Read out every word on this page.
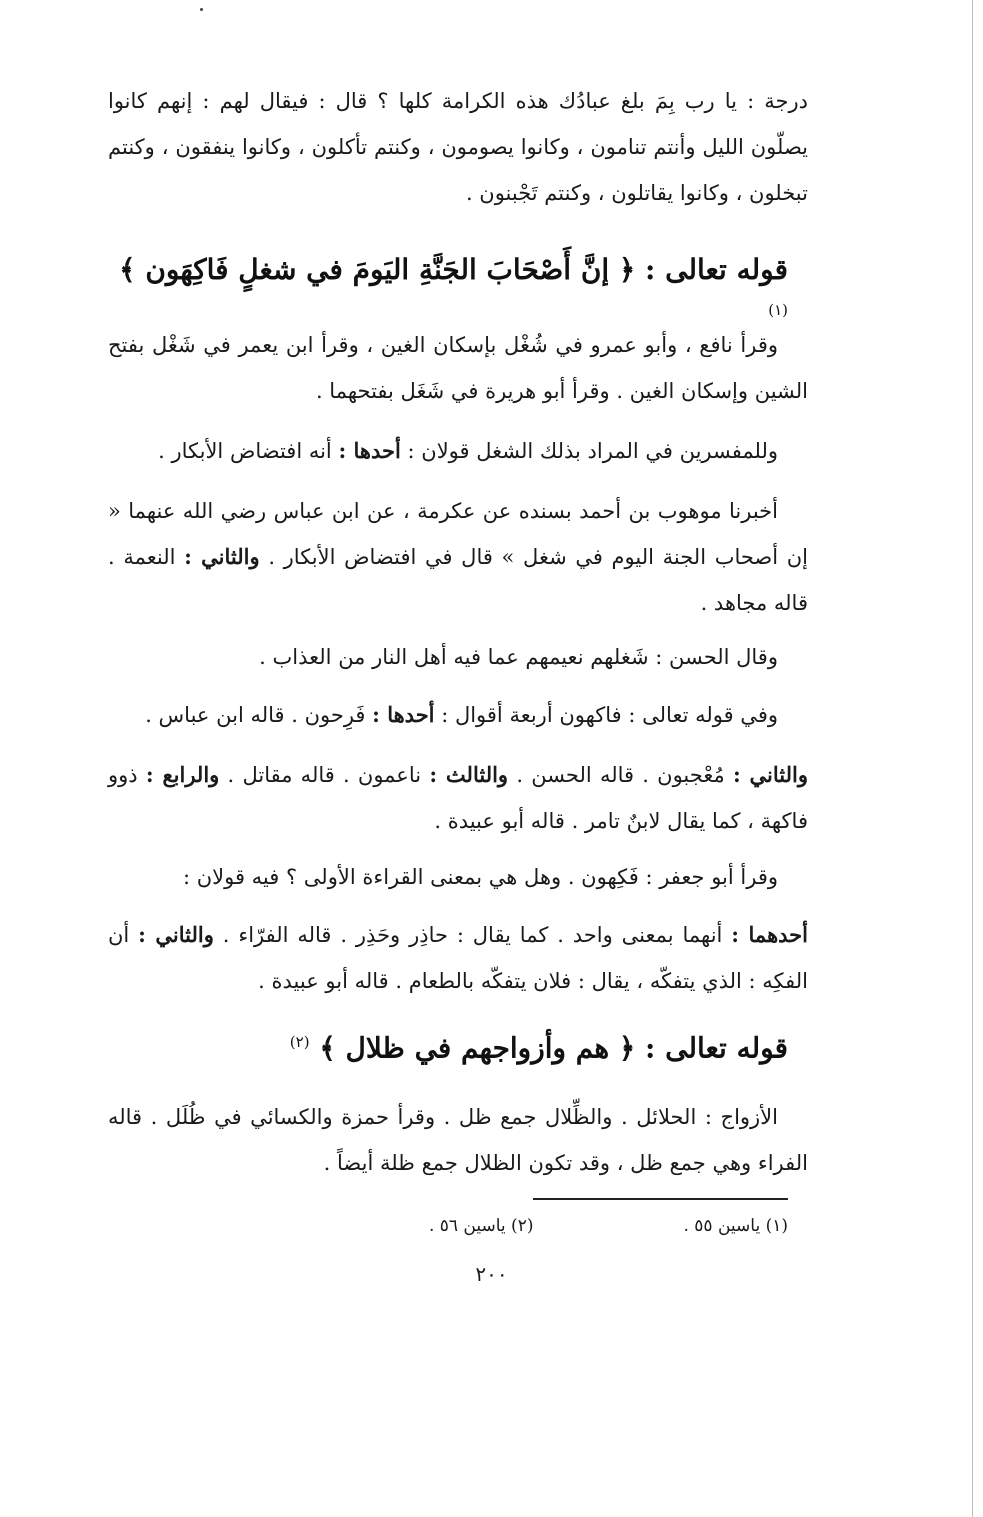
درجة : يا رب بِمَ بلغ عبادُك هذه الكرامة كلها ؟ قال : فيقال لهم : إنهم كانوا يصلّون الليل وأنتم تنامون ، وكانوا يصومون ، وكنتم تأكلون ، وكانوا ينفقون ، وكنتم تبخلون ، وكانوا يقاتلون ، وكنتم تَجْبنون .

قوله تعالى : ﴿ إنَّ أَصْحَابَ الجَنَّةِ اليَومَ في شغلٍ فَاكِهَون ﴾ $^{(١)}$

وقرأ نافع ، وأبو عمرو في شُغْل بإسكان الغين ، وقرأ ابن يعمر في شَغْل بفتح الشين وإسكان الغين . وقرأ أبو هريرة في شَغَل بفتحهما .

وللمفسرين في المراد بذلك الشغل قولان : أحدها : أنه افتضاض الأبكار .

أخبرنا موهوب بن أحمد بسنده عن عكرمة ، عن ابن عباس رضي الله عنهما « إن أصحاب الجنة اليوم في شغل » قال في افتضاض الأبكار . والثاني : النعمة . قاله مجاهد .

وقال الحسن : شَغلهم نعيمهم عما فيه أهل النار من العذاب .

وفي قوله تعالى : فاكهون أربعة أقوال : أحدها : فَرِحون . قاله ابن عباس .

والثاني : مُعْجبون . قاله الحسن . والثالث : ناعمون . قاله مقاتل . والرابع : ذوو فاكهة ، كما يقال لابنٌ تامر . قاله أبو عبيدة .

وقرأ أبو جعفر : فَكِهون . وهل هي بمعنى القراءة الأولى ؟ فيه قولان :

أحدهما : أنهما بمعنى واحد . كما يقال : حاذِر وحَذِر . قاله الفرّاء . والثاني : أن الفكِه : الذي يتفكّه ، يقال : فلان يتفكّه بالطعام . قاله أبو عبيدة .

قوله تعالى : ﴿ هم وأزواجهم في ظلال ﴾ $^{(٢)}$

الأزواج : الحلائل . والظِّلال جمع ظل . وقرأ حمزة والكسائي في ظُلَل . قاله الفراء وهي جمع ظل ، وقد تكون الظلال جمع ظلة أيضاً .

(١) ياسين ٥٥ .
(٢) ياسين ٥٦ .
٢٠٠
